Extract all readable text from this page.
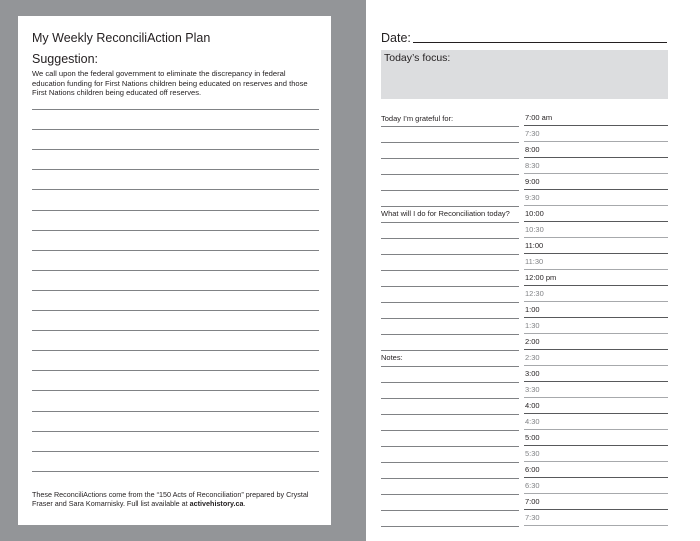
My Weekly ReconciliAction Plan
Suggestion:
We call upon the federal government to eliminate the discrepancy in federal education funding for First Nations children being educated on reserves and those First Nations children being educated off reserves.
These ReconciliActions come from the “150 Acts of Reconciliation” prepared by Crystal Fraser and Sara Komarnisky. Full list available at activehistory.ca.
Date:
Today’s focus:
Today I’m grateful for:
What will I do for Reconciliation today?
Notes:
7:00 am
7:30
8:00
8:30
9:00
9:30
10:00
10:30
11:00
11:30
12:00 pm
12:30
1:00
1:30
2:00
2:30
3:00
3:30
4:00
4:30
5:00
5:30
6:00
6:30
7:00
7:30
